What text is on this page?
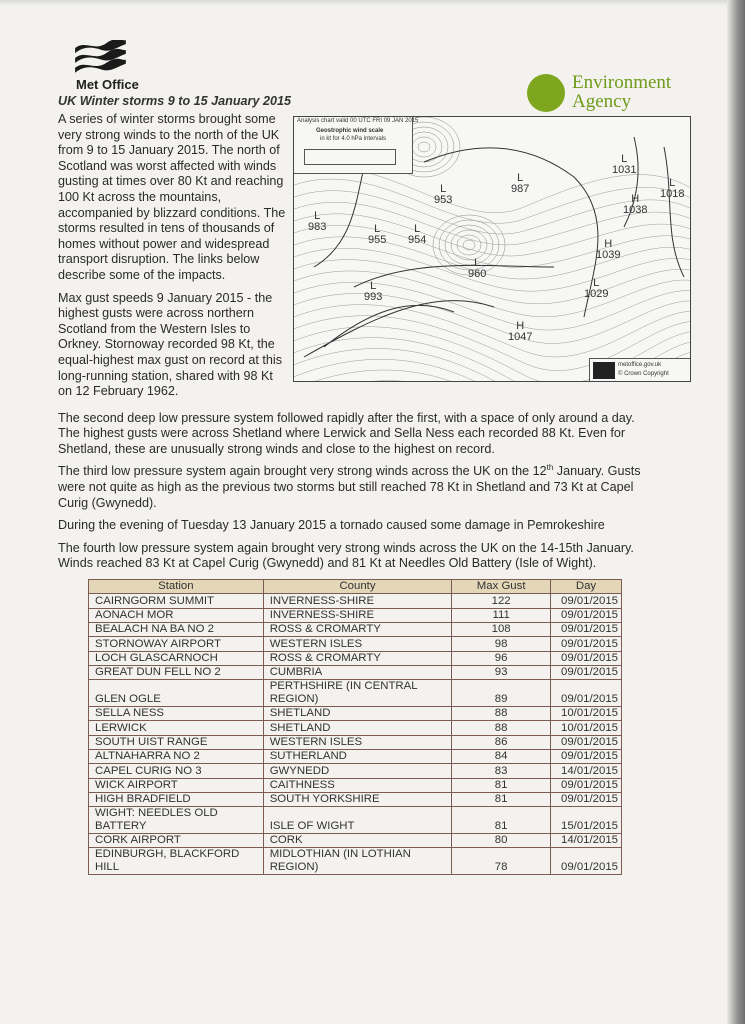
Met Office
UK Winter storms 9 to 15 January 2015
Environment Agency

A series of winter storms brought some very strong winds to the north of the UK from 9 to 15 January 2015. The north of Scotland was worst affected with winds gusting at times over 80 Kt and reaching 100 Kt across the mountains, accompanied by blizzard conditions. The storms resulted in tens of thousands of homes without power and widespread transport disruption. The links below describe some of the impacts.

Max gust speeds 9 January 2015 - the highest gusts were across northern Scotland from the Western Isles to Orkney. Stornoway recorded 98 Kt, the equal-highest max gust on record at this long-running station, shared with 98 Kt on 12 February 1962.

Analysis chart valid 00 UTC FRI 09 JAN 2015
Geostrophic wind scale
in kt for 4.0 hPa intervals
metoffice.gov.uk
© Crown Copyright
L
983	L
955
L
954
L
953
L
987
L
960
L
993
H
1047
L
1029
H
1039
H
1038
L
1031
L
1018

The second deep low pressure system followed rapidly after the first, with a space of only around a day. The highest gusts were across Shetland where Lerwick and Sella Ness each recorded 88 Kt. Even for Shetland, these are unusually strong winds and close to the highest on record.

The third low pressure system again brought very strong winds across the UK on the 12th January. Gusts were not quite as high as the previous two storms but still reached 78 Kt in Shetland and 73 Kt at Capel Curig (Gwynedd).

During the evening of Tuesday 13 January 2015 a tornado caused some damage in Pemrokeshire

The fourth low pressure system again brought very strong winds across the UK on the 14-15th January. Winds reached 83 Kt at Capel Curig (Gwynedd) and 81 Kt at Needles Old Battery (Isle of Wight).

Station	County	Max Gust	Day
CAIRNGORM SUMMIT	INVERNESS-SHIRE	122	09/01/2015
AONACH MOR	INVERNESS-SHIRE	111	09/01/2015
BEALACH NA BA NO 2	ROSS & CROMARTY	108	09/01/2015
STORNOWAY AIRPORT	WESTERN ISLES	98	09/01/2015
LOCH GLASCARNOCH	ROSS & CROMARTY	96	09/01/2015
GREAT DUN FELL NO 2	CUMBRIA	93	09/01/2015
GLEN OGLE	PERTHSHIRE (IN CENTRAL REGION)	89	09/01/2015
SELLA NESS	SHETLAND	88	10/01/2015
LERWICK	SHETLAND	88	10/01/2015
SOUTH UIST RANGE	WESTERN ISLES	86	09/01/2015
ALTNAHARRA NO 2	SUTHERLAND	84	09/01/2015
CAPEL CURIG NO 3	GWYNEDD	83	14/01/2015
WICK AIRPORT	CAITHNESS	81	09/01/2015
HIGH BRADFIELD	SOUTH YORKSHIRE	81	09/01/2015
WIGHT: NEEDLES OLD BATTERY	ISLE OF WIGHT	81	15/01/2015
CORK AIRPORT	CORK	80	14/01/2015
EDINBURGH, BLACKFORD HILL	MIDLOTHIAN (IN LOTHIAN REGION)	78	09/01/2015
